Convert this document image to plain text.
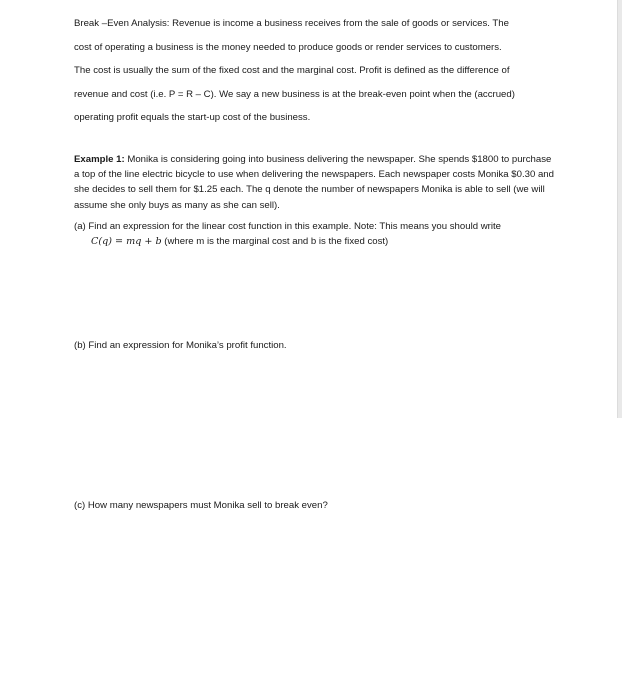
Break –Even Analysis: Revenue is income a business receives from the sale of goods or services. The
cost of operating a business is the money needed to produce goods or render services to customers.
The cost is usually the sum of the fixed cost and the marginal cost. Profit is defined as the difference of
revenue and cost (i.e. P = R – C). We say a new business is at the break-even point when the (accrued)
operating profit equals the start-up cost of the business.
Example 1: Monika is considering going into business delivering the newspaper. She spends $1800 to purchase a top of the line electric bicycle to use when delivering the newspapers. Each newspaper costs Monika $0.30 and she decides to sell them for $1.25 each. The q denote the number of newspapers Monika is able to sell (we will assume she only buys as many as she can sell).
(a) Find an expression for the linear cost function in this example. Note: This means you should write
C(q) = mq + b (where m is the marginal cost and b is the fixed cost)
(b) Find an expression for Monika’s profit function.
(c) How many newspapers must Monika sell to break even?
